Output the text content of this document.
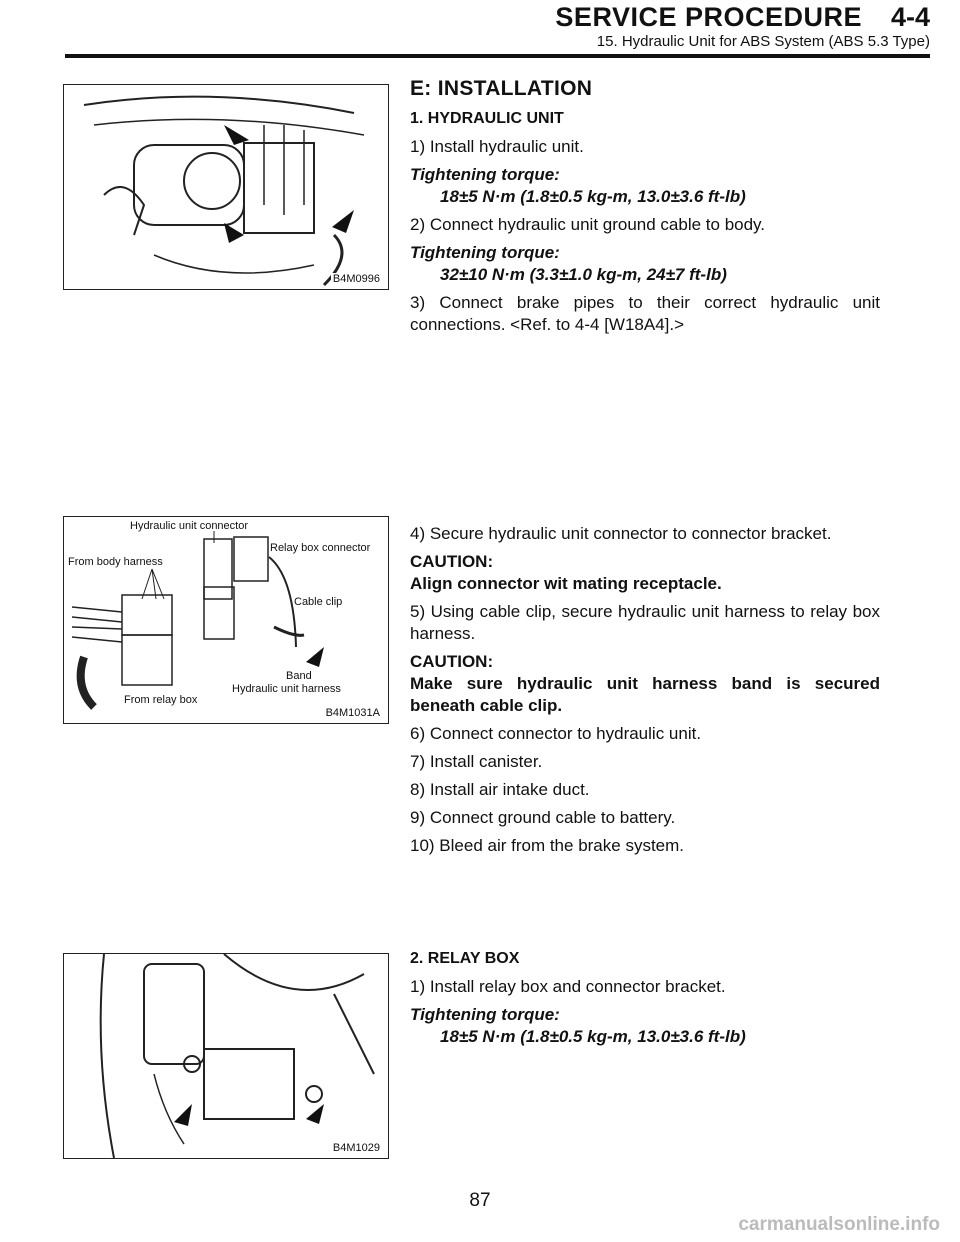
SERVICE PROCEDURE 4-4
15. Hydraulic Unit for ABS System (ABS 5.3 Type)
B4M0996
Hydraulic unit connector
From body harness
Relay box connector
Cable clip
Band
Hydraulic unit harness
From relay box
B4M1031A
B4M1029
E: INSTALLATION
1. HYDRAULIC UNIT

1) Install hydraulic unit.

Tightening torque:

18±5 N·m (1.8±0.5 kg-m, 13.0±3.6 ft-lb)

2) Connect hydraulic unit ground cable to body.

Tightening torque:

32±10 N·m (3.3±1.0 kg-m, 24±7 ft-lb)

3) Connect brake pipes to their correct hydraulic unit connections. <Ref. to 4-4 [W18A4].>

4) Secure hydraulic unit connector to connector bracket.

CAUTION:

Align connector wit mating receptacle.

5) Using cable clip, secure hydraulic unit harness to relay box harness.

CAUTION:

Make sure hydraulic unit harness band is secured beneath cable clip.

6) Connect connector to hydraulic unit.

7) Install canister.

8) Install air intake duct.

9) Connect ground cable to battery.

10) Bleed air from the brake system.

2. RELAY BOX

1) Install relay box and connector bracket.

Tightening torque:

18±5 N·m (1.8±0.5 kg-m, 13.0±3.6 ft-lb)

87
carmanualsonline.info
